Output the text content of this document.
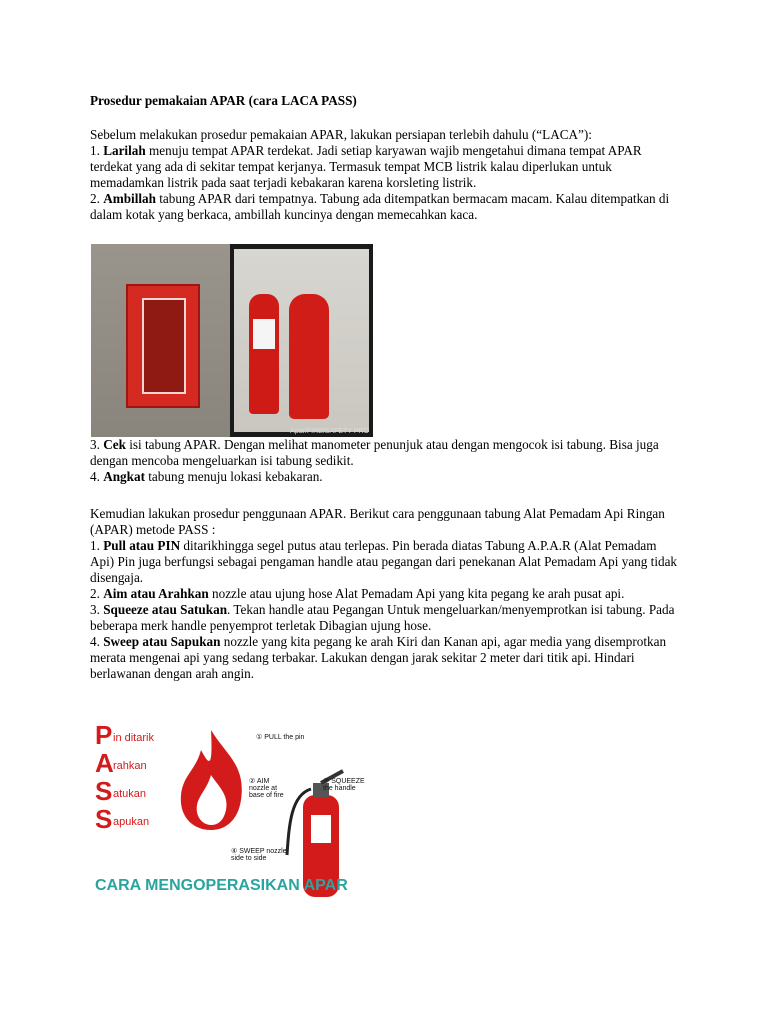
Prosedur pemakaian APAR (cara LACA PASS)

Sebelum melakukan prosedur pemakaian APAR, lakukan persiapan terlebih dahulu (“LACA”):

1. Larilah menuju tempat APAR terdekat. Jadi setiap karyawan wajib mengetahui dimana tempat APAR terdekat yang ada di sekitar tempat kerjanya. Termasuk tempat MCB listrik kalau diperlukan untuk memadamkan listrik pada saat terjadi kebakaran karena korsleting listrik.

2. Ambillah tabung APAR dari tempatnya. Tabung ada ditempatkan bermacam macam. Kalau ditempatkan di dalam kotak yang berkaca, ambillah kuncinya dengan memecahkan kaca.

3. Cek isi tabung APAR. Dengan melihat manometer penunjuk atau dengan mengocok isi tabung. Bisa juga dengan mencoba mengeluarkan isi tabung sedikit.

4. Angkat tabung menuju lokasi kebakaran.

Kemudian lakukan prosedur penggunaan APAR. Berikut cara penggunaan tabung Alat Pemadam Api Ringan (APAR) metode PASS :

1. Pull atau PIN ditarikhingga segel putus atau terlepas. Pin berada diatas Tabung A.P.A.R (Alat Pemadam Api) Pin juga berfungsi sebagai pengaman handle atau pegangan dari penekanan Alat Pemadam Api yang tidak disengaja.

2. Aim atau Arahkan nozzle atau ujung hose Alat Pemadam Api yang kita pegang ke arah pusat api.

3. Squeeze atau Satukan. Tekan handle atau Pegangan Untuk mengeluarkan/menyemprotkan isi tabung. Pada beberapa merk handle penyemprot terletak Dibagian ujung hose.

4. Sweep atau Sapukan nozzle yang kita pegang ke arah Kiri dan Kanan api, agar media yang disemprotkan merata mengenai api yang sedang terbakar. Lakukan dengan jarak sekitar 2 meter dari titik api. Hindari berlawanan dengan arah angin.

Apar/FIRE/SAFETY PRO
P in ditarik
A rahkan
S atukan
S apukan
① PULL the pin
② AIM nozzle at base of fire
③ SQUEEZE the handle
④ SWEEP nozzle side to side
CARA MENGOPERASIKAN APAR
